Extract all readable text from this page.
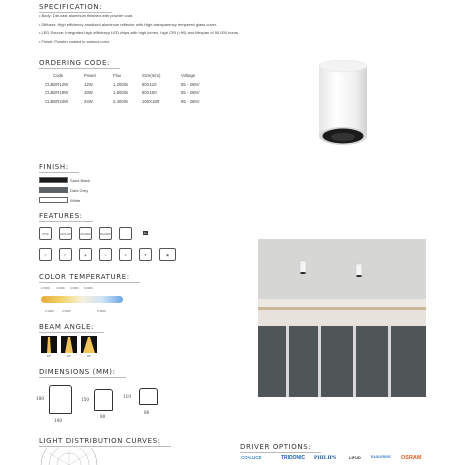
SPECIFICATION:
• Body: Die-cast aluminum finished with powder coat.
• Diffuser: High efficiency anodized aluminum reflector with High-transparency tempered glass cover.
• LED Source: Integrated high-efficiency LED chips with high lumen, high CRI (>90) and lifespan of 50,000 hours.
• Finish: Powder coated in various color.
ORDERING CODE:
Code	Power	Flux	Size(mm)	Voltage
CLBER12W	12W	1,200lm	80X110	85 - 265V
CLBER18W	18W	1,800lm	80X150	85 - 265V
CLBER24W	24W	2,400lm	100X180	85 - 265V
FINISH:
Sand Black
Dark Grey
White
FEATURES:
IP20	CRI>90	20,000h	50,000h	A+
▽	◸	◈	∿	☀	❄	▣
COLOR TEMPERATURE:
2,000K 3,000K 4,000K 5,000K
2,500K	3,500K	6,500K
BEAM ANGLE:
15°	24°	36°
DIMENSIONS (MM):
180
100
150
80
110
80
LIGHT DISTRIBUTION CURVES:
DRIVER OPTIONS:
CO•LUCE	TRIDONIC PHILIPS	LIFUD	EAGLERISE OSRAM
